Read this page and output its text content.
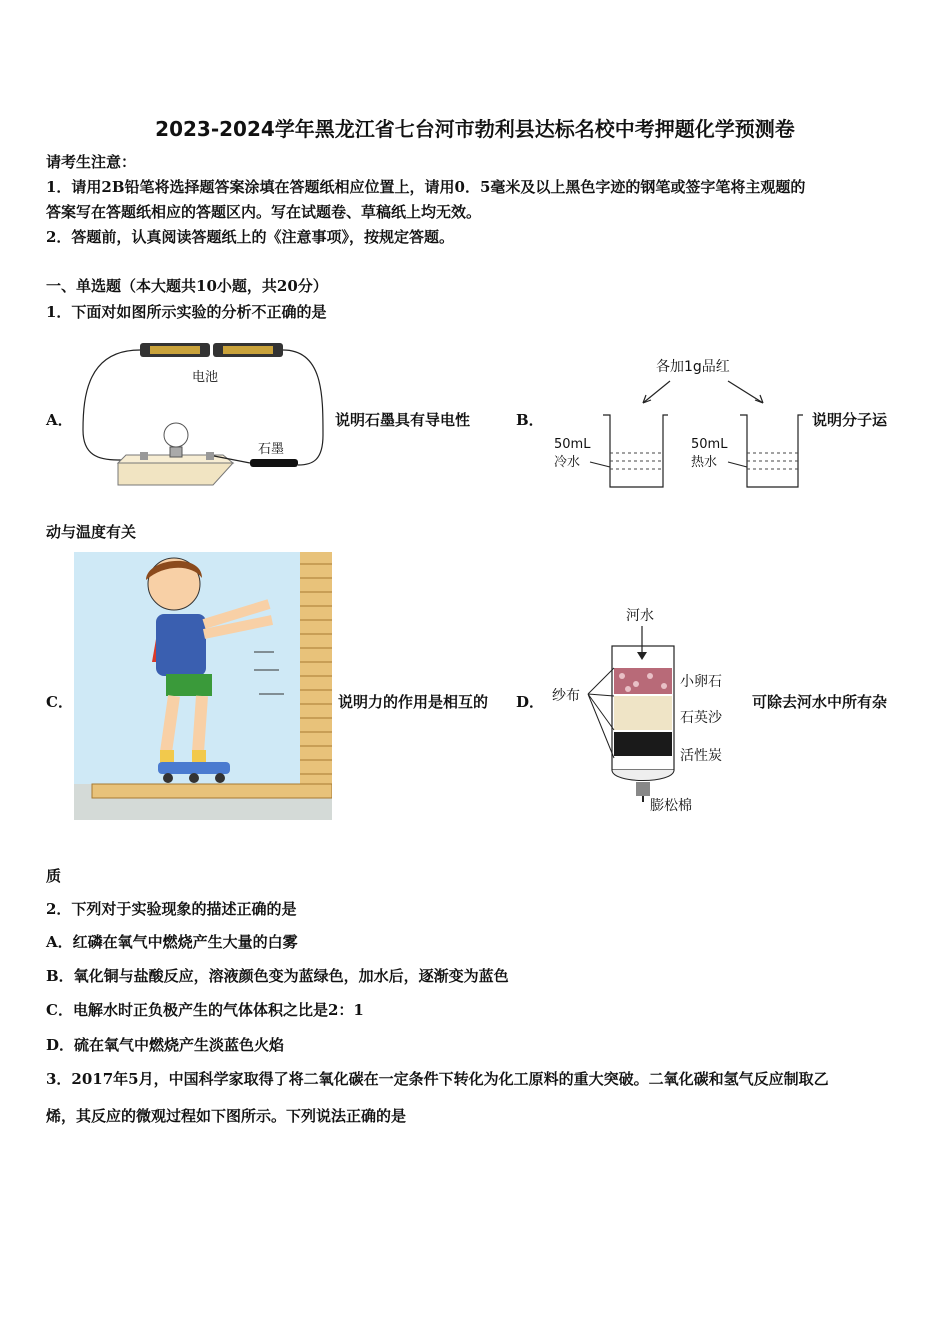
2023-2024学年黑龙江省七台河市勃利县达标名校中考押题化学预测卷
请考生注意：
1．请用2B铅笔将选择题答案涂填在答题纸相应位置上，请用0．5毫米及以上黑色字迹的钢笔或签字笔将主观题的
答案写在答题纸相应的答题区内。写在试题卷、草稿纸上均无效。
2．答题前，认真阅读答题纸上的《注意事项》，按规定答题。
一、单选题（本大题共10小题，共20分）
1．下面对如图所示实验的分析不正确的是
A．
电池
石墨
说明石墨具有导电性	B．
各加1g品红
50mL
冷水
50mL
热水
说明分子运
动与温度有关
C．	说明力的作用是相互的 D．
河水
纱布
小卵石
石英沙
活性炭
膨松棉
可除去河水中所有杂
质
2．下列对于实验现象的描述正确的是
A．红磷在氧气中燃烧产生大量的白雾
B．氧化铜与盐酸反应，溶液颜色变为蓝绿色，加水后，逐渐变为蓝色
C．电解水时正负极产生的气体体积之比是2：1
D．硫在氧气中燃烧产生淡蓝色火焰
3．2017年5月，中国科学家取得了将二氧化碳在一定条件下转化为化工原料的重大突破。二氧化碳和氢气反应制取乙
烯，其反应的微观过程如下图所示。下列说法正确的是
